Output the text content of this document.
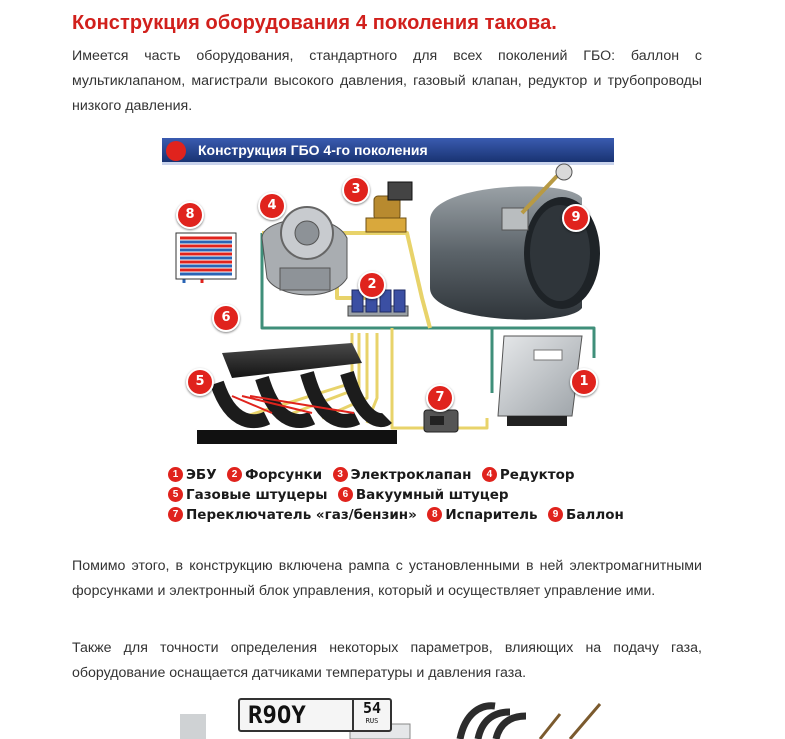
Конструкция оборудования 4 поколения такова.

Имеется часть оборудования, стандартного для всех поколений ГБО: баллон с мультиклапаном, магистрали высокого давления, газовый клапан, редуктор и трубопроводы низкого давления.

Помимо этого, в конструкцию включена рампа с установленными в ней электромагнитными форсунками и электронный блок управления, который и осуществляет управление ими.

Также для точности определения некоторых параметров, влияющих на подачу газа, оборудование оснащается датчиками температуры и давления газа.

Конструкция ГБО 4-го поколения
1
2
3
4
5
6
7
8	9
1 ЭБУ 2 Форсунки 3 Электроклапан 4 Редуктор
5 Газовые штуцеры 6 Вакуумный штуцер
7 Переключатель «газ/бензин» 8 Испаритель 9 Баллон
R9OY	54
RUS
